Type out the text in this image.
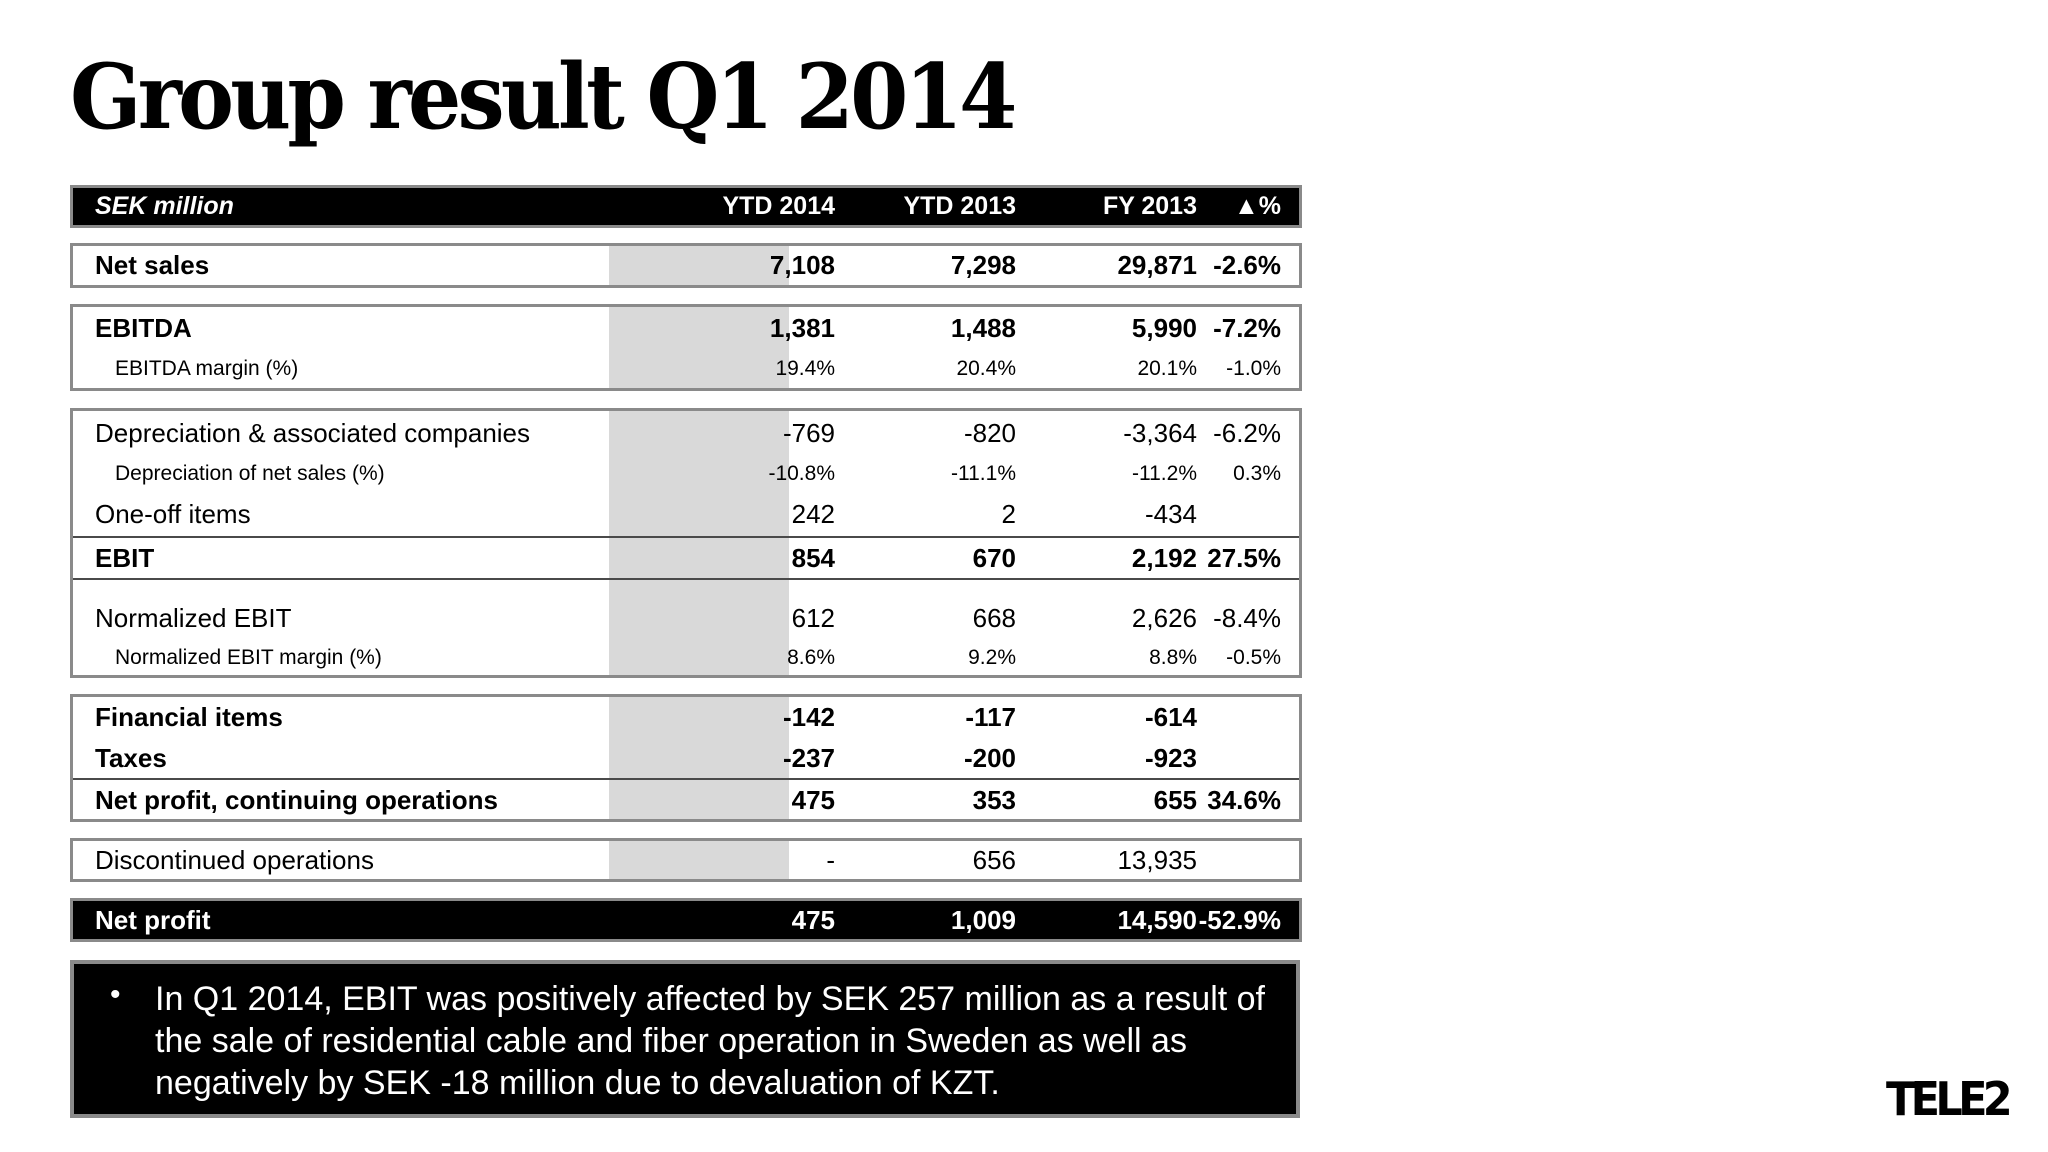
Group result Q1 2014
SEK million	YTD 2014	YTD 2013	FY 2013	▲%
Net sales	7,108	7,298	29,871 -2.6%
EBITDA	1,381	1,488	5,990 -7.2%
EBITDA margin (%)	19.4%	20.4%	20.1%	-1.0%
Depreciation & associated companies	-769	-820	-3,364 -6.2%
Depreciation of net sales (%)	-10.8%	-11.1%	-11.2%	0.3%
One-off items	242	2	-434
EBIT	854	670	2,192 27.5%
Normalized EBIT	612	668	2,626 -8.4%
Normalized EBIT margin (%)	8.6%	9.2%	8.8%	-0.5%
Financial items	-142	-117	-614
Taxes	-237	-200	-923
Net profit, continuing operations	475	353	655 34.6%
Discontinued operations	-	656	13,935
Net profit	475	1,009	14,590 -52.9%
• In Q1 2014, EBIT was positively affected by SEK 257 million as a result of the sale of residential cable and fiber operation in Sweden as well as negatively by SEK -18 million due to devaluation of KZT.	TELE2
